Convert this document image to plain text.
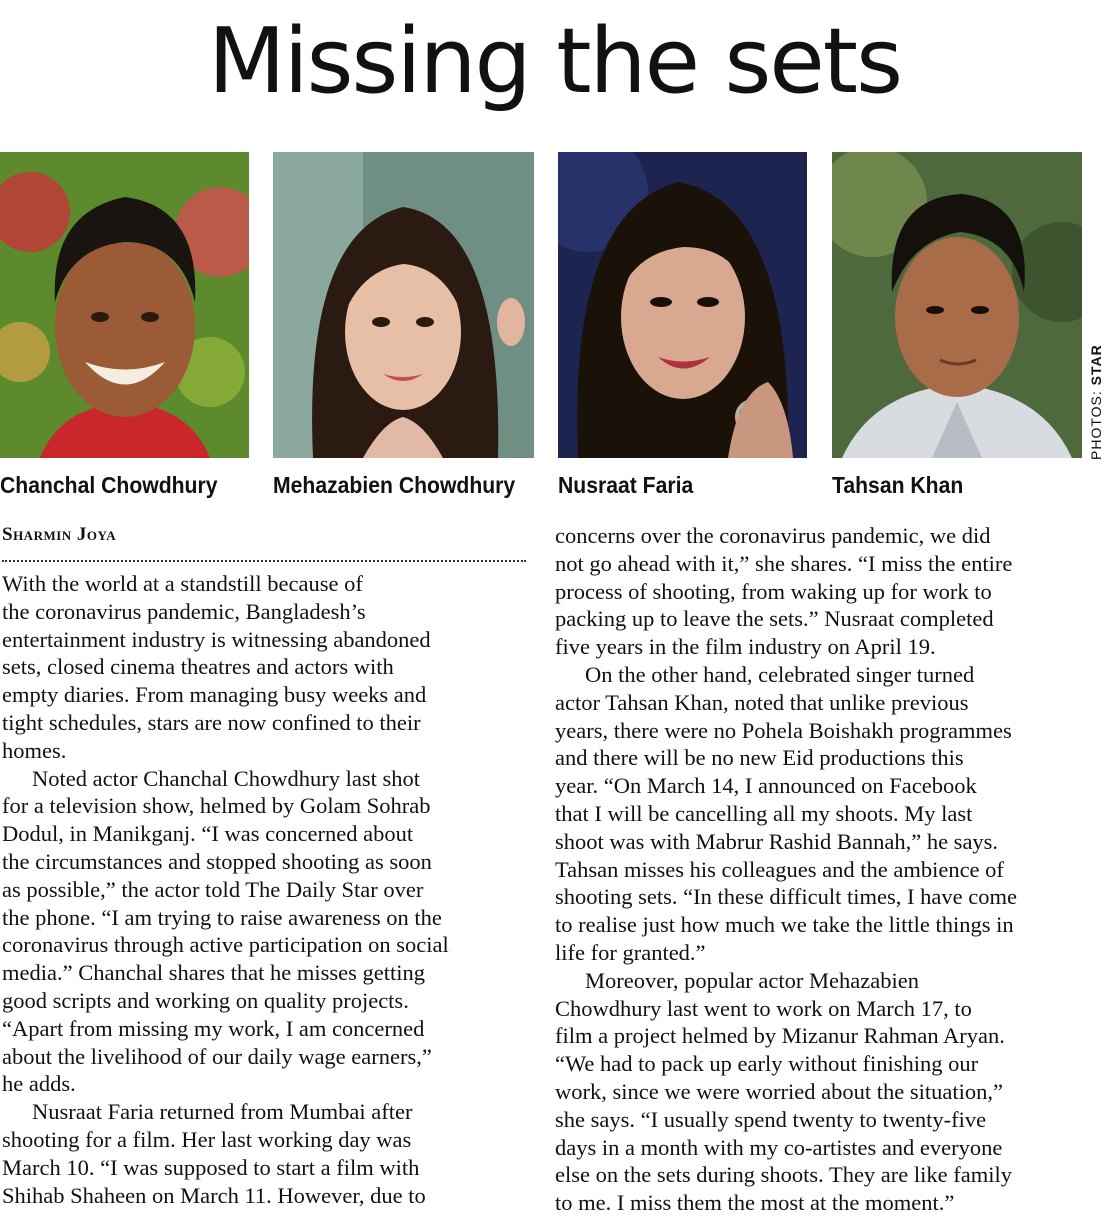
Missing the sets
Chanchal Chowdhury Mehazabien Chowdhury Nusraat Faria	Tahsan Khan
PHOTOS: STAR
Sharmin Joya
With the world at a standstill because of
the coronavirus pandemic, Bangladesh’s
entertainment industry is witnessing abandoned
sets, closed cinema theatres and actors with
empty diaries. From managing busy weeks and
tight schedules, stars are now confined to their
homes.
Noted actor Chanchal Chowdhury last shot
for a television show, helmed by Golam Sohrab
Dodul, in Manikganj. “I was concerned about
the circumstances and stopped shooting as soon
as possible,” the actor told The Daily Star over
the phone. “I am trying to raise awareness on the
coronavirus through active participation on social
media.” Chanchal shares that he misses getting
good scripts and working on quality projects.
“Apart from missing my work, I am concerned
about the livelihood of our daily wage earners,”
he adds.
Nusraat Faria returned from Mumbai after
shooting for a film. Her last working day was
March 10. “I was supposed to start a film with
Shihab Shaheen on March 11. However, due to
concerns over the coronavirus pandemic, we did
not go ahead with it,” she shares. “I miss the entire
process of shooting, from waking up for work to
packing up to leave the sets.” Nusraat completed
five years in the film industry on April 19.
On the other hand, celebrated singer turned
actor Tahsan Khan, noted that unlike previous
years, there were no Pohela Boishakh programmes
and there will be no new Eid productions this
year. “On March 14, I announced on Facebook
that I will be cancelling all my shoots. My last
shoot was with Mabrur Rashid Bannah,” he says.
Tahsan misses his colleagues and the ambience of
shooting sets. “In these difficult times, I have come
to realise just how much we take the little things in
life for granted.”
Moreover, popular actor Mehazabien
Chowdhury last went to work on March 17, to
film a project helmed by Mizanur Rahman Aryan.
“We had to pack up early without finishing our
work, since we were worried about the situation,”
she says. “I usually spend twenty to twenty-five
days in a month with my co-artistes and everyone
else on the sets during shoots. They are like family
to me. I miss them the most at the moment.”
